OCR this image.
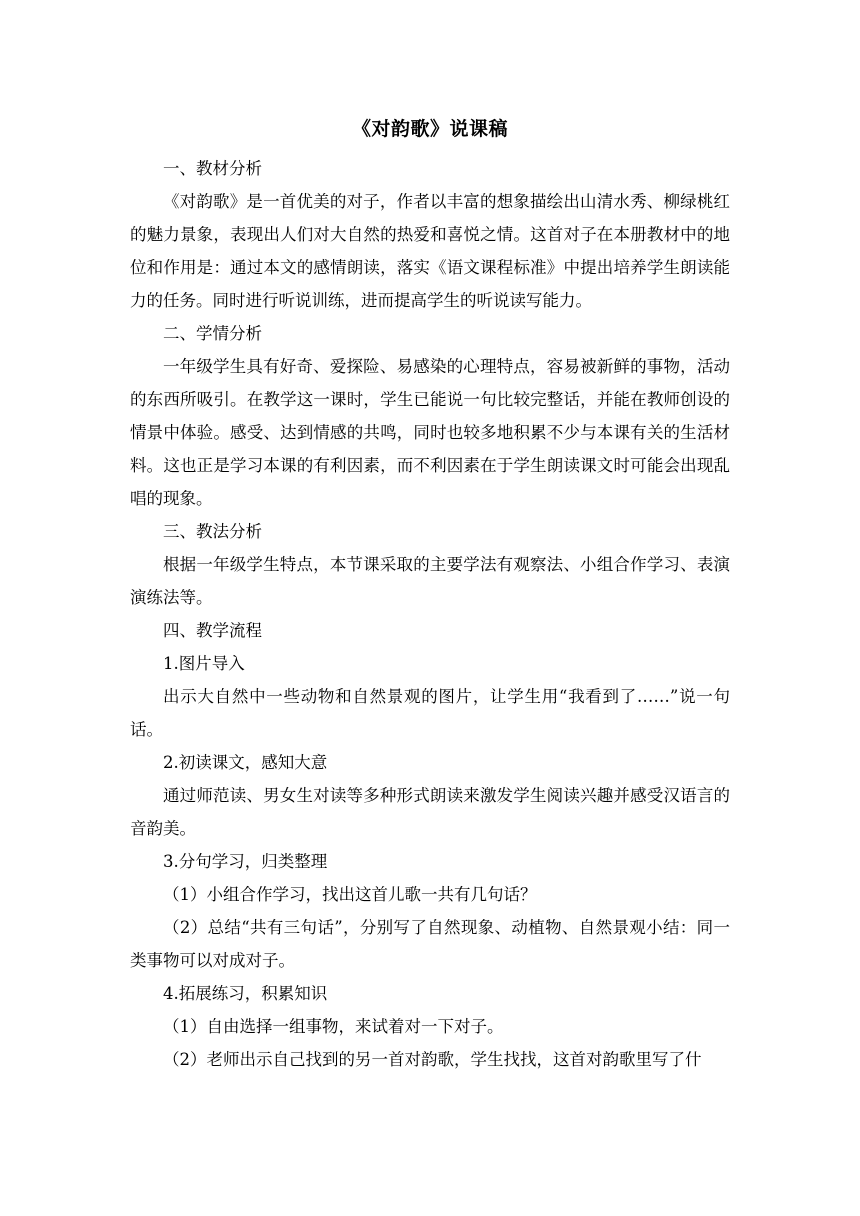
《对韵歌》说课稿

一、教材分析

《对韵歌》是一首优美的对子，作者以丰富的想象描绘出山清水秀、柳绿桃红的魅力景象，表现出人们对大自然的热爱和喜悦之情。这首对子在本册教材中的地位和作用是：通过本文的感情朗读，落实《语文课程标准》中提出培养学生朗读能力的任务。同时进行听说训练，进而提高学生的听说读写能力。

二、学情分析

一年级学生具有好奇、爱探险、易感染的心理特点，容易被新鲜的事物，活动的东西所吸引。在教学这一课时，学生已能说一句比较完整话，并能在教师创设的情景中体验。感受、达到情感的共鸣，同时也较多地积累不少与本课有关的生活材料。这也正是学习本课的有利因素，而不利因素在于学生朗读课文时可能会出现乱唱的现象。

三、教法分析

根据一年级学生特点，本节课采取的主要学法有观察法、小组合作学习、表演演练法等。

四、教学流程

1.图片导入

出示大自然中一些动物和自然景观的图片，让学生用“我看到了……”说一句话。

2.初读课文，感知大意

通过师范读、男女生对读等多种形式朗读来激发学生阅读兴趣并感受汉语言的音韵美。

3.分句学习，归类整理

（1）小组合作学习，找出这首儿歌一共有几句话？

（2）总结“共有三句话”，分别写了自然现象、动植物、自然景观小结：同一类事物可以对成对子。

4.拓展练习，积累知识

（1）自由选择一组事物，来试着对一下对子。

（2）老师出示自己找到的另一首对韵歌，学生找找，这首对韵歌里写了什
